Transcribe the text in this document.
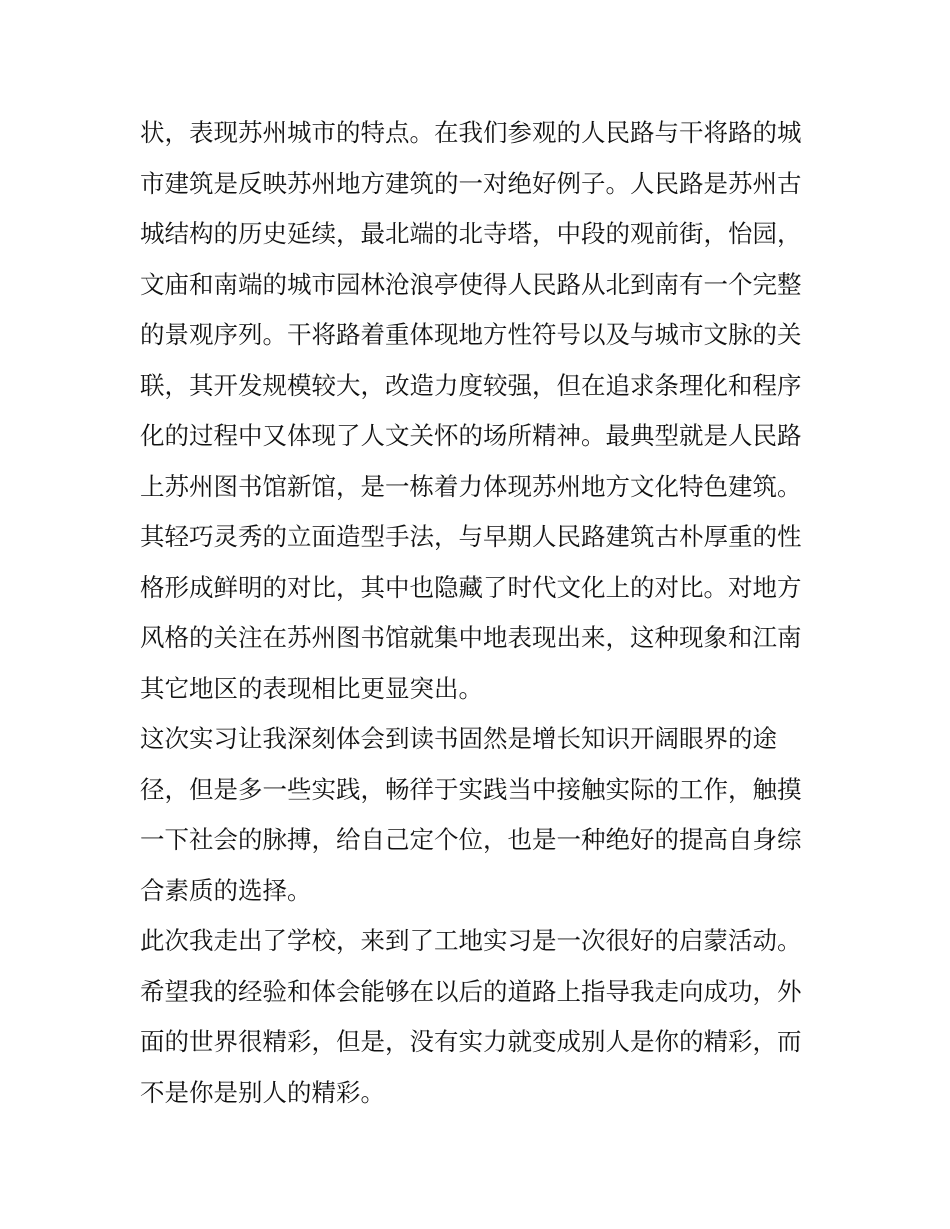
状，表现苏州城市的特点。在我们参观的人民路与干将路的城
市建筑是反映苏州地方建筑的一对绝好例子。人民路是苏州古
城结构的历史延续，最北端的北寺塔，中段的观前街，怡园，
文庙和南端的城市园林沧浪亭使得人民路从北到南有一个完整
的景观序列。干将路着重体现地方性符号以及与城市文脉的关
联，其开发规模较大，改造力度较强，但在追求条理化和程序
化的过程中又体现了人文关怀的场所精神。最典型就是人民路
上苏州图书馆新馆，是一栋着力体现苏州地方文化特色建筑。
其轻巧灵秀的立面造型手法，与早期人民路建筑古朴厚重的性
格形成鲜明的对比，其中也隐藏了时代文化上的对比。对地方
风格的关注在苏州图书馆就集中地表现出来，这种现象和江南
其它地区的表现相比更显突出。
这次实习让我深刻体会到读书固然是增长知识开阔眼界的途
径，但是多一些实践，畅徉于实践当中接触实际的工作，触摸
一下社会的脉搏，给自己定个位，也是一种绝好的提高自身综
合素质的选择。
此次我走出了学校，来到了工地实习是一次很好的启蒙活动。
希望我的经验和体会能够在以后的道路上指导我走向成功，外
面的世界很精彩，但是，没有实力就变成别人是你的精彩，而
不是你是别人的精彩。
